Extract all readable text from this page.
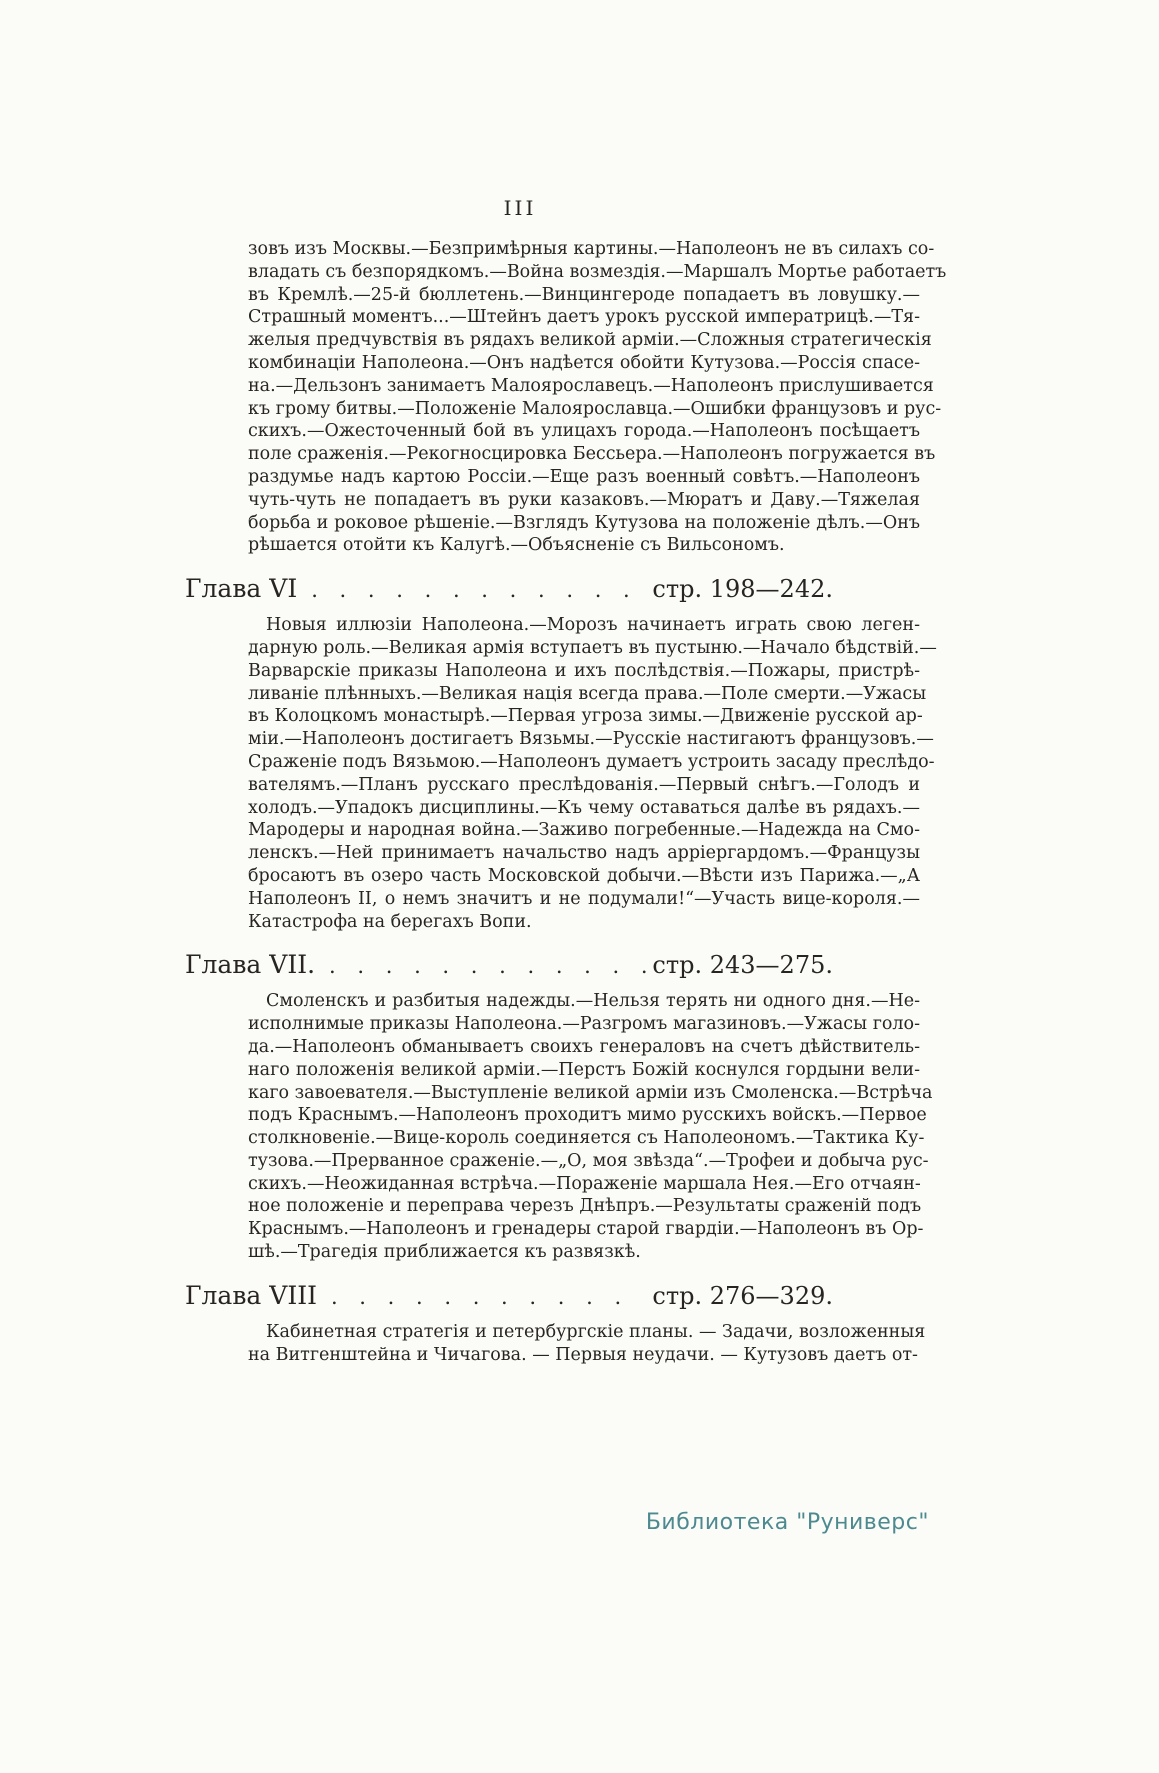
III
зовъ изъ Москвы.—Безпримѣрныя картины.—Наполеонъ не въ силахъ со-
владать съ безпорядкомъ.—Война возмездія.—Маршалъ Мортье работаетъ
въ Кремлѣ.—25-й бюллетень.—Винцингероде попадаетъ въ ловушку.—
Страшный моментъ...—Штейнъ даетъ урокъ русской императрицѣ.—Тя-
желыя предчувствія въ рядахъ великой арміи.—Сложныя стратегическія
комбинаціи Наполеона.—Онъ надѣется обойти Кутузова.—Россія спасе-
на.—Дельзонъ занимаетъ Малоярославецъ.—Наполеонъ прислушивается
къ грому битвы.—Положеніе Малоярославца.—Ошибки французовъ и рус-
скихъ.—Ожесточенный бой въ улицахъ города.—Наполеонъ посѣщаетъ
поле сраженія.—Рекогносцировка Бессьера.—Наполеонъ погружается въ
раздумье надъ картою Россіи.—Еще разъ военный совѣтъ.—Наполеонъ
чуть-чуть не попадаетъ въ руки казаковъ.—Мюратъ и Даву.—Тяжелая
борьба и роковое рѣшеніе.—Взглядъ Кутузова на положеніе дѣлъ.—Онъ
рѣшается отойти къ Калугѣ.—Объясненіе съ Вильсономъ.
Глава VI . . . . . . . . . . . . стр. 198—242.
Новыя иллюзіи Наполеона.—Морозъ начинаетъ играть свою леген-
дарную роль.—Великая армія вступаетъ въ пустыню.—Начало бѣдствій.—
Варварскіе приказы Наполеона и ихъ послѣдствія.—Пожары, пристрѣ-
ливаніе плѣнныхъ.—Великая нація всегда права.—Поле смерти.—Ужасы
въ Колоцкомъ монастырѣ.—Первая угроза зимы.—Движеніе русской ар-
міи.—Наполеонъ достигаетъ Вязьмы.—Русскіе настигаютъ французовъ.—
Сраженіе подъ Вязьмою.—Наполеонъ думаетъ устроить засаду преслѣдо-
вателямъ.—Планъ русскаго преслѣдованія.—Первый снѣгъ.—Голодъ и
холодъ.—Упадокъ дисциплины.—Къ чему оставаться далѣе въ рядахъ.—
Мародеры и народная война.—Заживо погребенные.—Надежда на Смо-
ленскъ.—Ней принимаетъ начальство надъ арріергардомъ.—Французы
бросаютъ въ озеро часть Московской добычи.—Вѣсти изъ Парижа.—„А
Наполеонъ II, о немъ значитъ и не подумали!“—Участь вице-короля.—
Катастрофа на берегахъ Вопи.
Глава VII. . . . . . . . . . . . . стр. 243—275.
Смоленскъ и разбитыя надежды.—Нельзя терять ни одного дня.—Не-
исполнимые приказы Наполеона.—Разгромъ магазиновъ.—Ужасы голо-
да.—Наполеонъ обманываетъ своихъ генераловъ на счетъ дѣйствитель-
наго положенія великой арміи.—Перстъ Божій коснулся гордыни вели-
каго завоевателя.—Выступленіе великой арміи изъ Смоленска.—Встрѣча
подъ Краснымъ.—Наполеонъ проходитъ мимо русскихъ войскъ.—Первое
столкновеніе.—Вице-король соединяется съ Наполеономъ.—Тактика Ку-
тузова.—Прерванное сраженіе.—„О, моя звѣзда“.—Трофеи и добыча рус-
скихъ.—Неожиданная встрѣча.—Пораженіе маршала Нея.—Его отчаян-
ное положеніе и переправа черезъ Днѣпръ.—Результаты сраженій подъ
Краснымъ.—Наполеонъ и гренадеры старой гвардіи.—Наполеонъ въ Ор-
шѣ.—Трагедія приближается къ развязкѣ.
Глава VIII . . . . . . . . . . .	стр. 276—329.
Кабинетная стратегія и петербургскіе планы. — Задачи, возложенныя
на Витгенштейна и Чичагова. — Первыя неудачи. — Кутузовъ даетъ от-
Библиотека "Руниверс"
